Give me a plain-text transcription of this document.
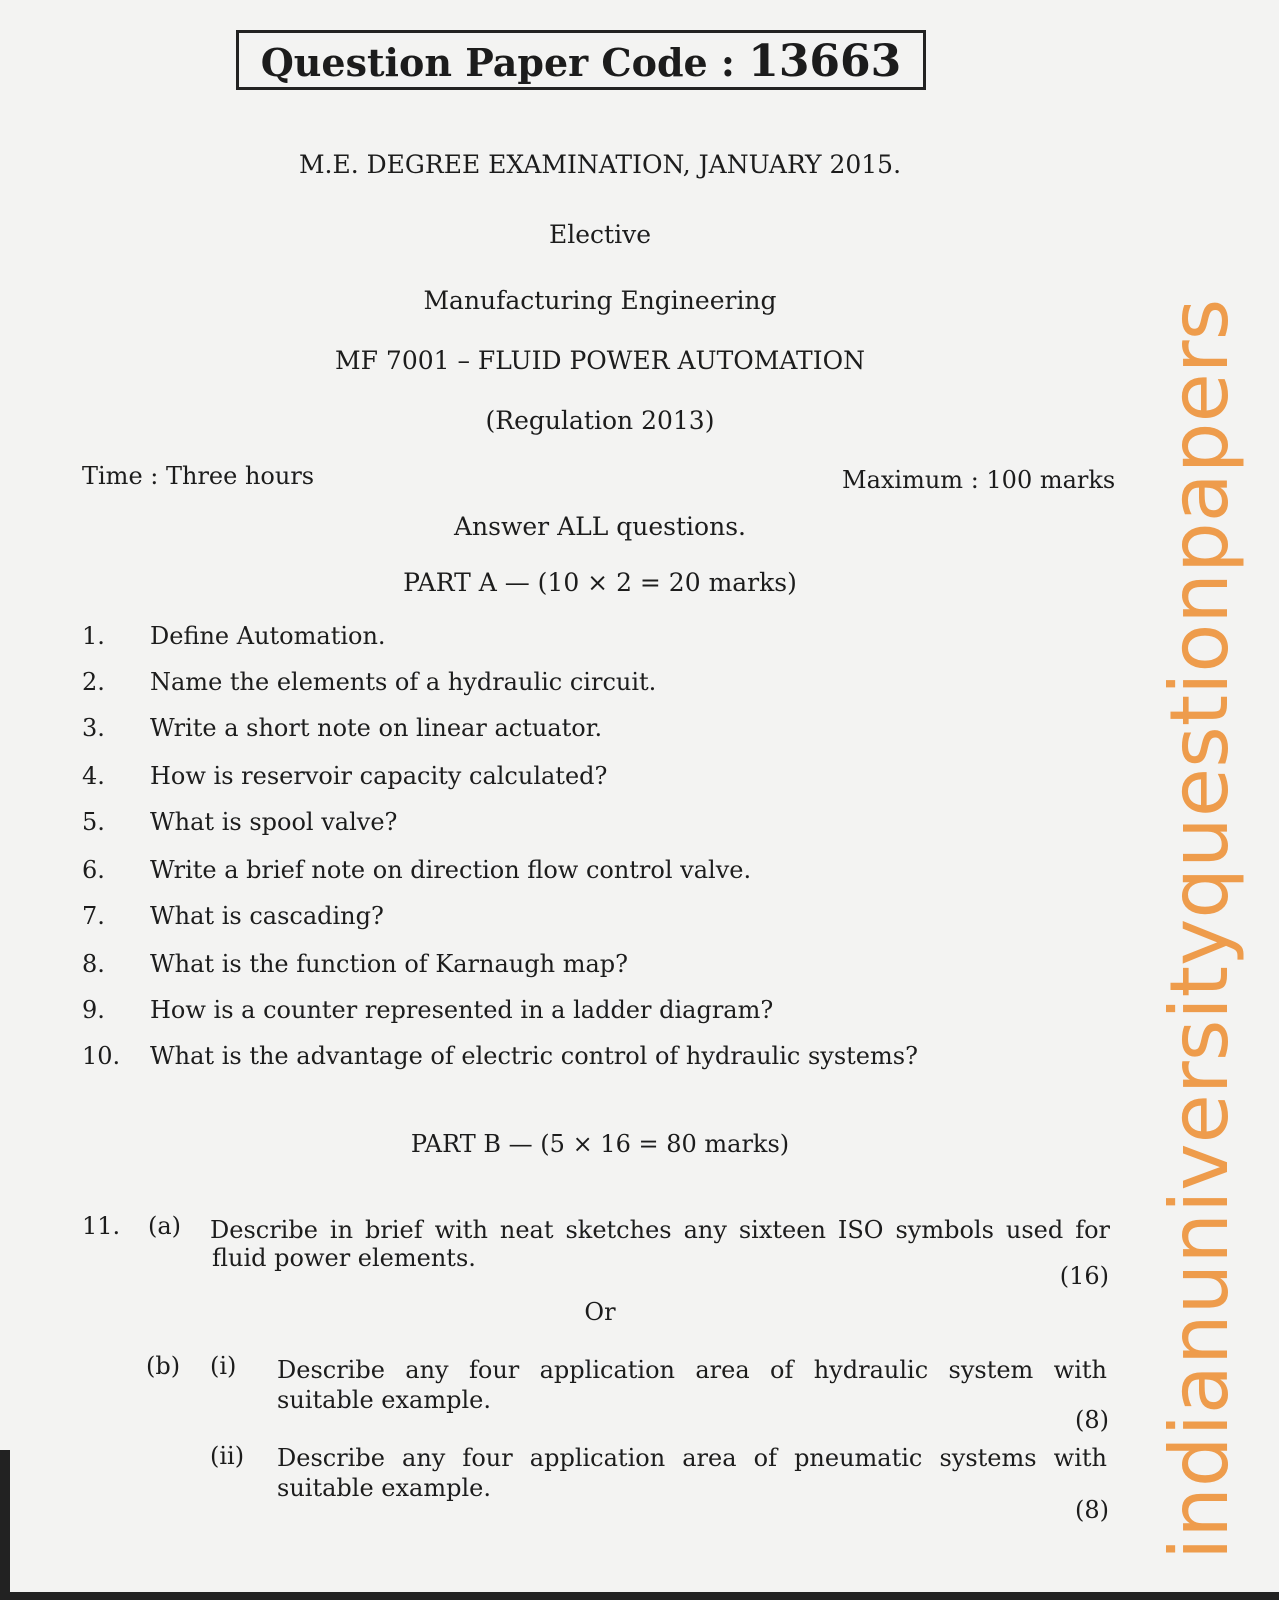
Question Paper Code : 13663
M.E. DEGREE EXAMINATION, JANUARY 2015.
Elective
Manufacturing Engineering
MF 7001 – FLUID POWER AUTOMATION
(Regulation 2013)
Time : Three hours	Maximum : 100 marks
Answer ALL questions.
PART A — (10 × 2 = 20 marks)
1.	Define Automation.
2.	Name the elements of a hydraulic circuit.
3.	Write a short note on linear actuator.
4.	How is reservoir capacity calculated?
5.	What is spool valve?
6.	Write a brief note on direction flow control valve.
7.	What is cascading?
8.	What is the function of Karnaugh map?
9.	How is a counter represented in a ladder diagram?
10.	What is the advantage of electric control of hydraulic systems?
PART B — (5 × 16 = 80 marks)
11. (a) Describe in brief with neat sketches any sixteen ISO symbols used for
fluid power elements.
(16)
Or
(b) (i) Describe any four application area of hydraulic system with
suitable example.
(8)
(ii) Describe any four application area of pneumatic systems with
suitable example.
(8) indianuniversityquestionpapers
